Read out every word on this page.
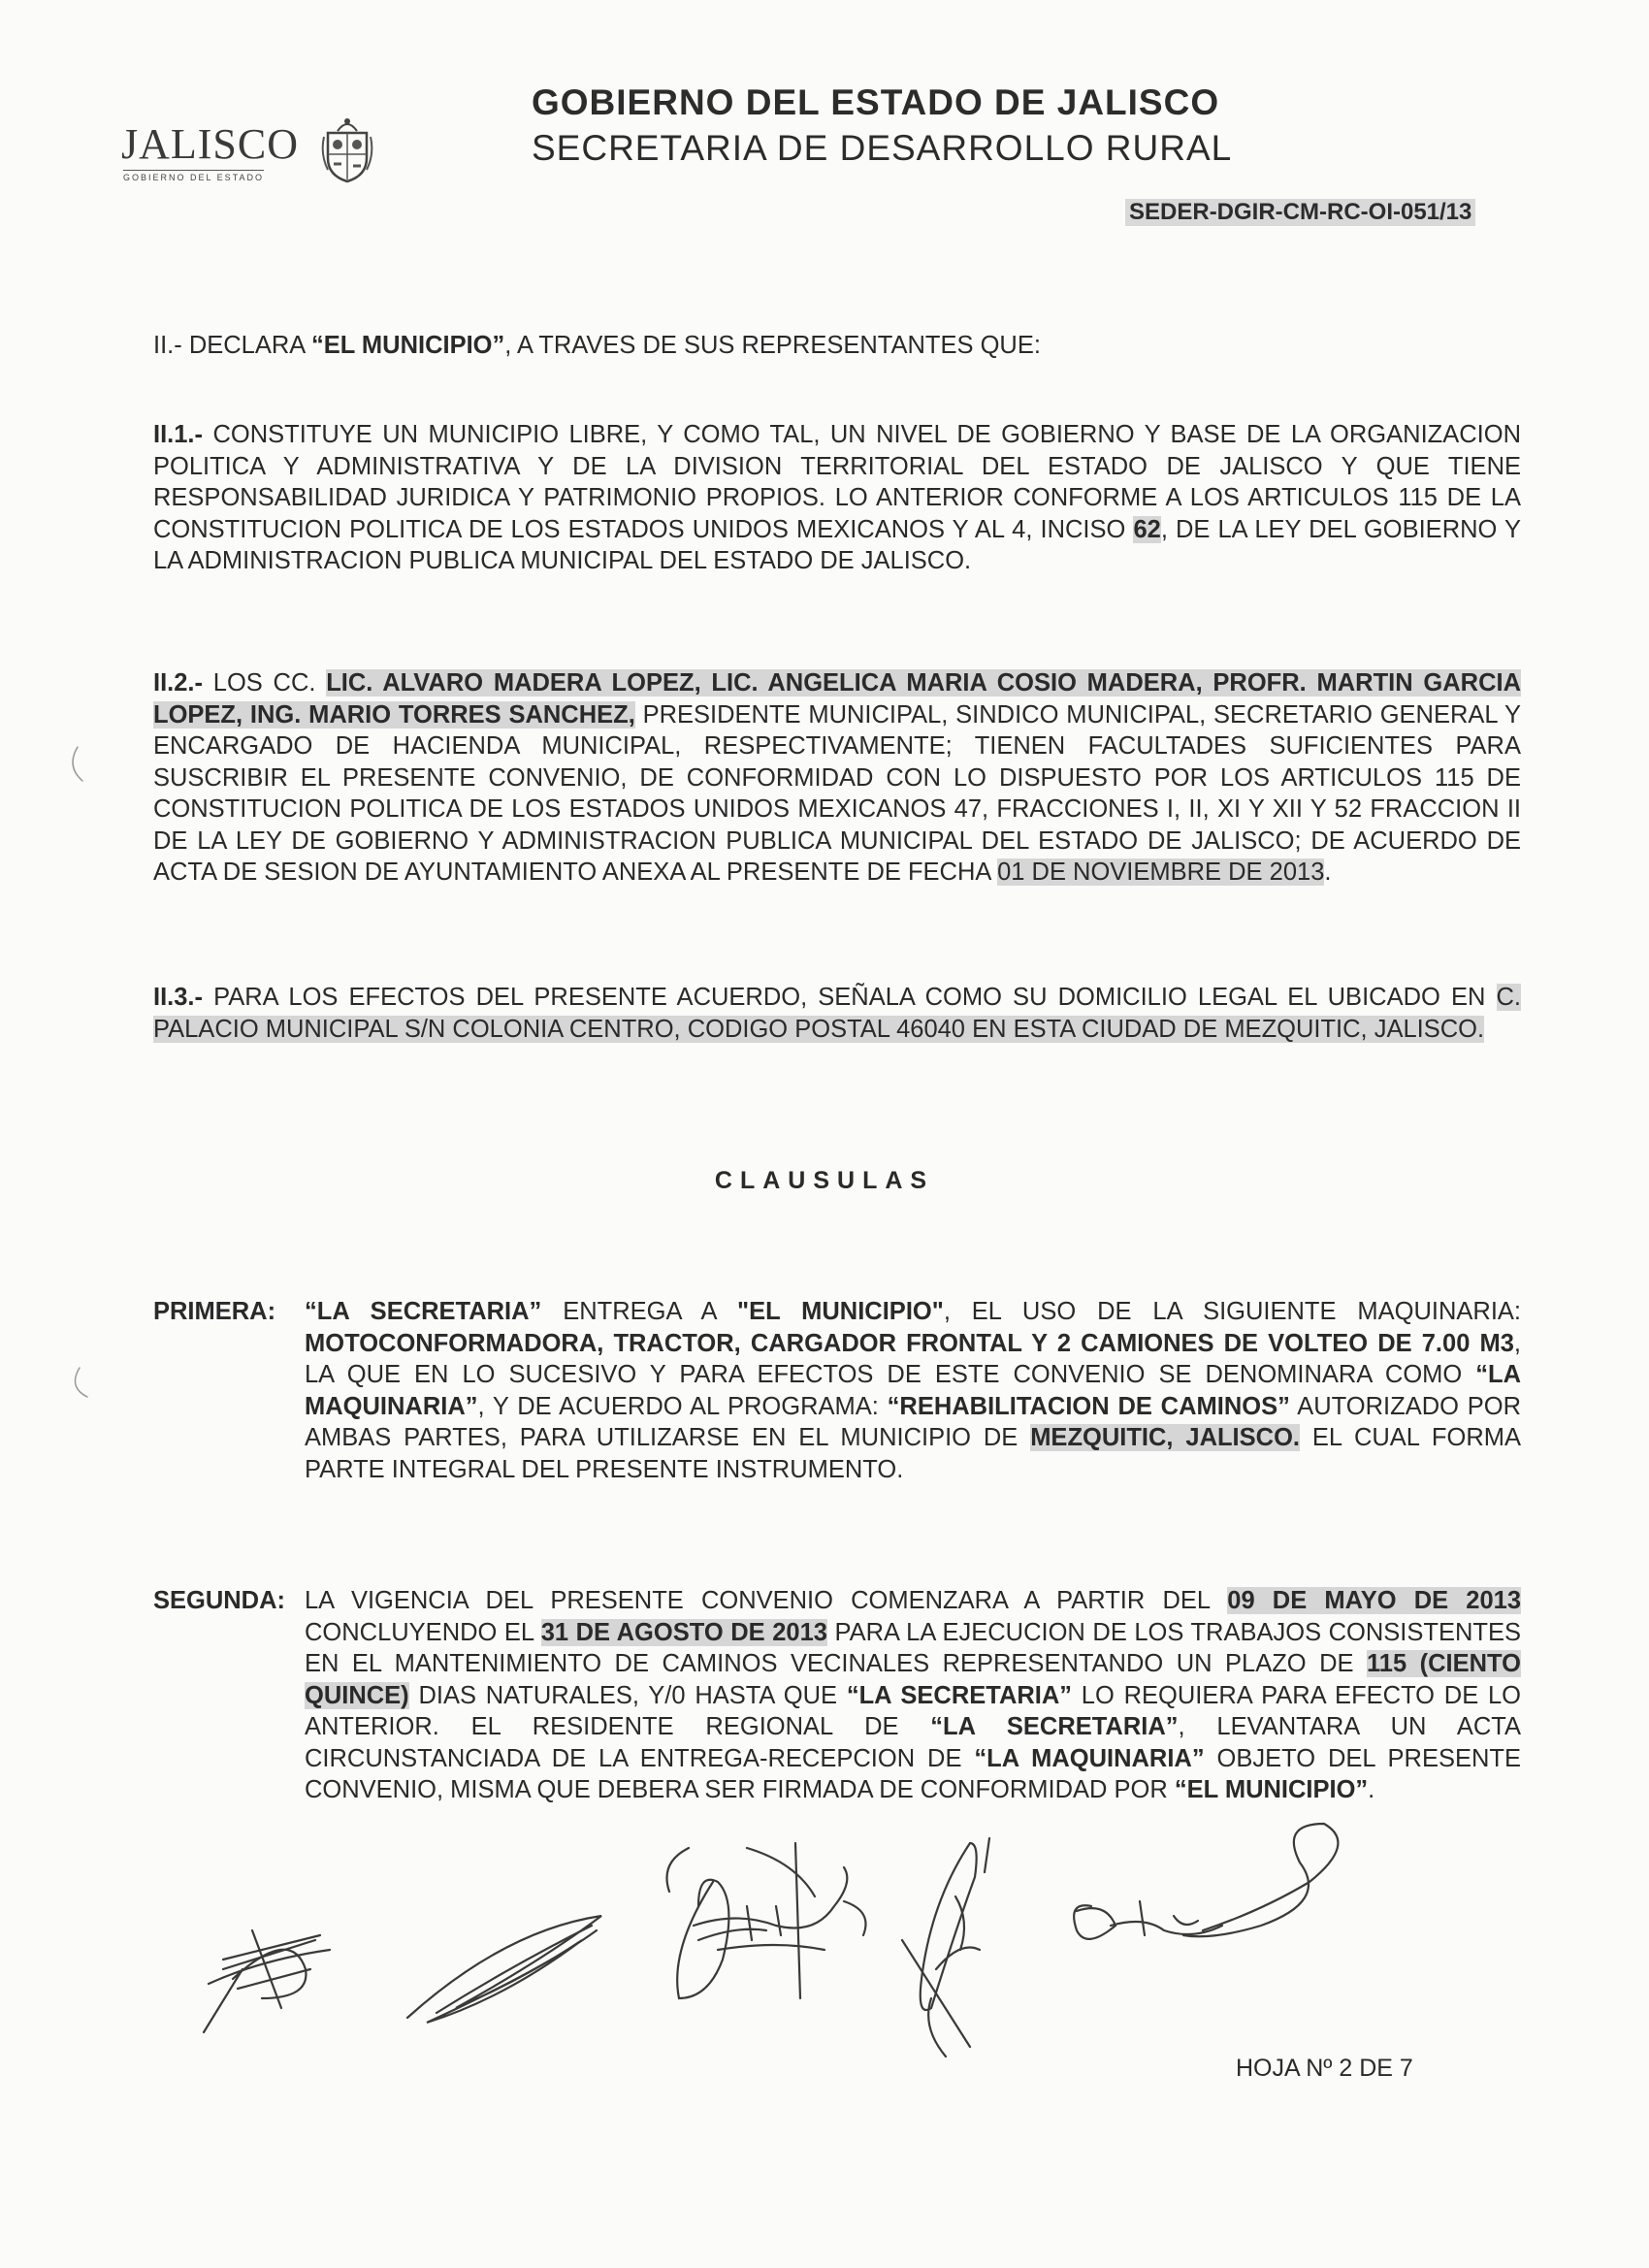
JALISCO
GOBIERNO DEL ESTADO
GOBIERNO DEL ESTADO DE JALISCO
SECRETARIA DE DESARROLLO RURAL
SEDER-DGIR-CM-RC-OI-051/13
II.- DECLARA “EL MUNICIPIO”, A TRAVES DE SUS REPRESENTANTES QUE:
II.1.- CONSTITUYE UN MUNICIPIO LIBRE, Y COMO TAL, UN NIVEL DE GOBIERNO Y BASE DE LA ORGANIZACION POLITICA Y ADMINISTRATIVA Y DE LA DIVISION TERRITORIAL DEL ESTADO DE JALISCO Y QUE TIENE RESPONSABILIDAD JURIDICA Y PATRIMONIO PROPIOS. LO ANTERIOR CONFORME A LOS ARTICULOS 115 DE LA CONSTITUCION POLITICA DE LOS ESTADOS UNIDOS MEXICANOS Y AL 4, INCISO 62, DE LA LEY DEL GOBIERNO Y LA ADMINISTRACION PUBLICA MUNICIPAL DEL ESTADO DE JALISCO.
II.2.- LOS CC. LIC. ALVARO MADERA LOPEZ, LIC. ANGELICA MARIA COSIO MADERA, PROFR. MARTIN GARCIA LOPEZ, ING. MARIO TORRES SANCHEZ, PRESIDENTE MUNICIPAL, SINDICO MUNICIPAL, SECRETARIO GENERAL Y ENCARGADO DE HACIENDA MUNICIPAL, RESPECTIVAMENTE; TIENEN FACULTADES SUFICIENTES PARA SUSCRIBIR EL PRESENTE CONVENIO, DE CONFORMIDAD CON LO DISPUESTO POR LOS ARTICULOS 115 DE CONSTITUCION POLITICA DE LOS ESTADOS UNIDOS MEXICANOS 47, FRACCIONES I, II, XI Y XII Y 52 FRACCION II DE LA LEY DE GOBIERNO Y ADMINISTRACION PUBLICA MUNICIPAL DEL ESTADO DE JALISCO; DE ACUERDO DE ACTA DE SESION DE AYUNTAMIENTO ANEXA AL PRESENTE DE FECHA 01 DE NOVIEMBRE DE 2013.
II.3.- PARA LOS EFECTOS DEL PRESENTE ACUERDO, SEÑALA COMO SU DOMICILIO LEGAL EL UBICADO EN C. PALACIO MUNICIPAL S/N COLONIA CENTRO, CODIGO POSTAL 46040 EN ESTA CIUDAD DE MEZQUITIC, JALISCO.
CLAUSULAS
PRIMERA: “LA SECRETARIA” ENTREGA A "EL MUNICIPIO", EL USO DE LA SIGUIENTE MAQUINARIA: MOTOCONFORMADORA, TRACTOR, CARGADOR FRONTAL Y 2 CAMIONES DE VOLTEO DE 7.00 M3, LA QUE EN LO SUCESIVO Y PARA EFECTOS DE ESTE CONVENIO SE DENOMINARA COMO “LA MAQUINARIA”, Y DE ACUERDO AL PROGRAMA: “REHABILITACION DE CAMINOS” AUTORIZADO POR AMBAS PARTES, PARA UTILIZARSE EN EL MUNICIPIO DE MEZQUITIC, JALISCO. EL CUAL FORMA PARTE INTEGRAL DEL PRESENTE INSTRUMENTO.
SEGUNDA: LA VIGENCIA DEL PRESENTE CONVENIO COMENZARA A PARTIR DEL 09 DE MAYO DE 2013 CONCLUYENDO EL 31 DE AGOSTO DE 2013 PARA LA EJECUCION DE LOS TRABAJOS CONSISTENTES EN EL MANTENIMIENTO DE CAMINOS VECINALES REPRESENTANDO UN PLAZO DE 115 (CIENTO QUINCE) DIAS NATURALES, Y/0 HASTA QUE “LA SECRETARIA” LO REQUIERA PARA EFECTO DE LO ANTERIOR. EL RESIDENTE REGIONAL DE “LA SECRETARIA”, LEVANTARA UN ACTA CIRCUNSTANCIADA DE LA ENTREGA-RECEPCION DE “LA MAQUINARIA” OBJETO DEL PRESENTE CONVENIO, MISMA QUE DEBERA SER FIRMADA DE CONFORMIDAD POR “EL MUNICIPIO”.
HOJA Nº 2 DE 7
